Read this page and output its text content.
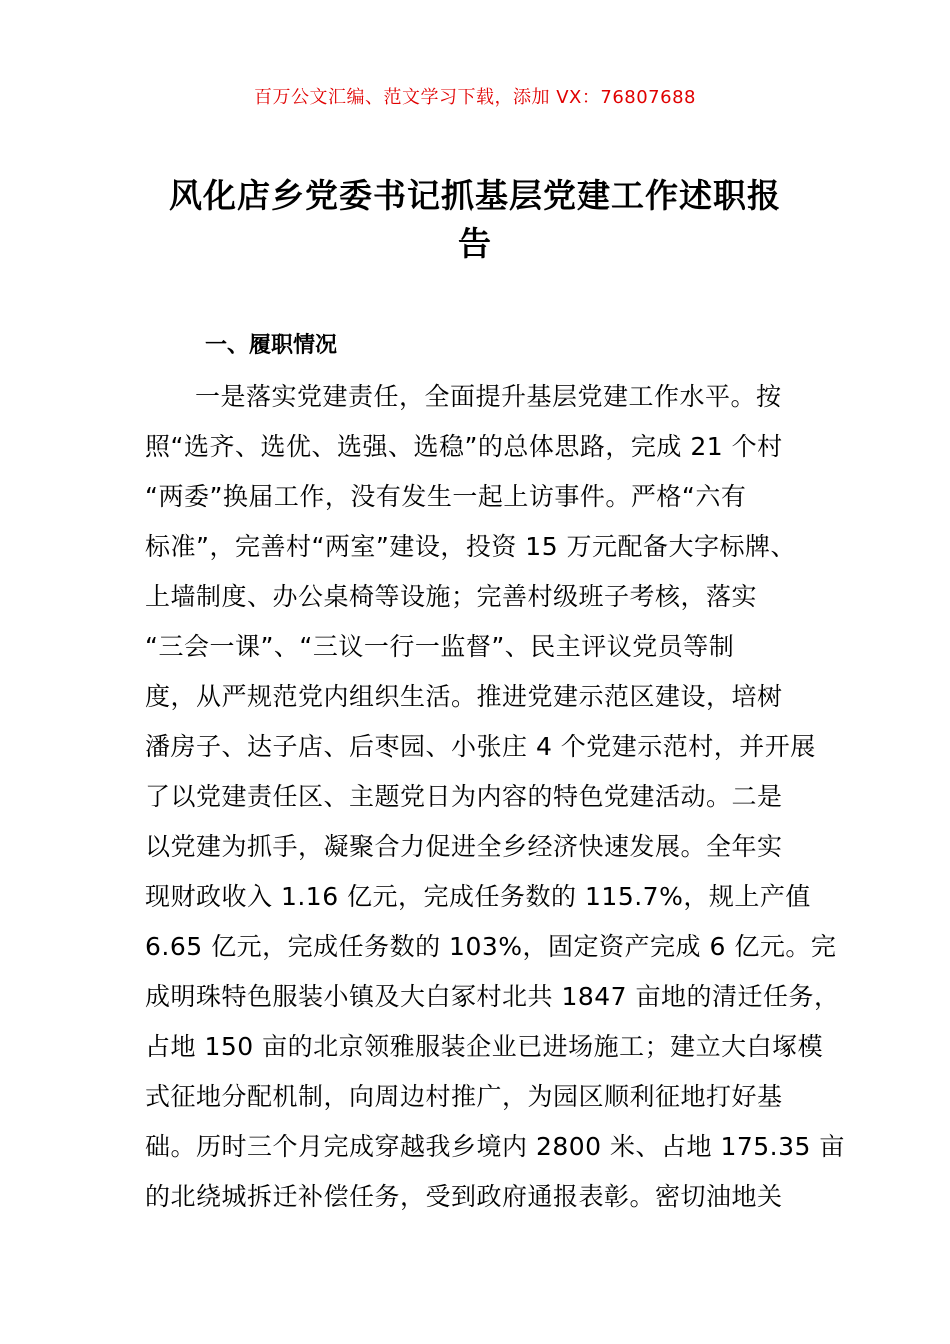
百万公文汇编、范文学习下载，添加 VX：76807688
风化店乡党委书记抓基层党建工作述职报
告
一、履职情况
一是落实党建责任，全面提升基层党建工作水平。按
照“选齐、选优、选强、选稳”的总体思路，完成 21 个村
“两委”换届工作，没有发生一起上访事件。严格“六有
标准”，完善村“两室”建设，投资 15 万元配备大字标牌、
上墙制度、办公桌椅等设施；完善村级班子考核，落实
“三会一课”、“三议一行一监督”、民主评议党员等制
度，从严规范党内组织生活。推进党建示范区建设，培树
潘房子、达子店、后枣园、小张庄 4 个党建示范村，并开展
了以党建责任区、主题党日为内容的特色党建活动。二是
以党建为抓手，凝聚合力促进全乡经济快速发展。全年实
现财政收入 1.16 亿元，完成任务数的 115.7%，规上产值
6.65 亿元，完成任务数的 103%，固定资产完成 6 亿元。完
成明珠特色服装小镇及大白冢村北共 1847 亩地的清迁任务，
占地 150 亩的北京领雅服装企业已进场施工；建立大白塚模
式征地分配机制，向周边村推广，为园区顺利征地打好基
础。历时三个月完成穿越我乡境内 2800 米、占地 175.35 亩
的北绕城拆迁补偿任务，受到政府通报表彰。密切油地关
